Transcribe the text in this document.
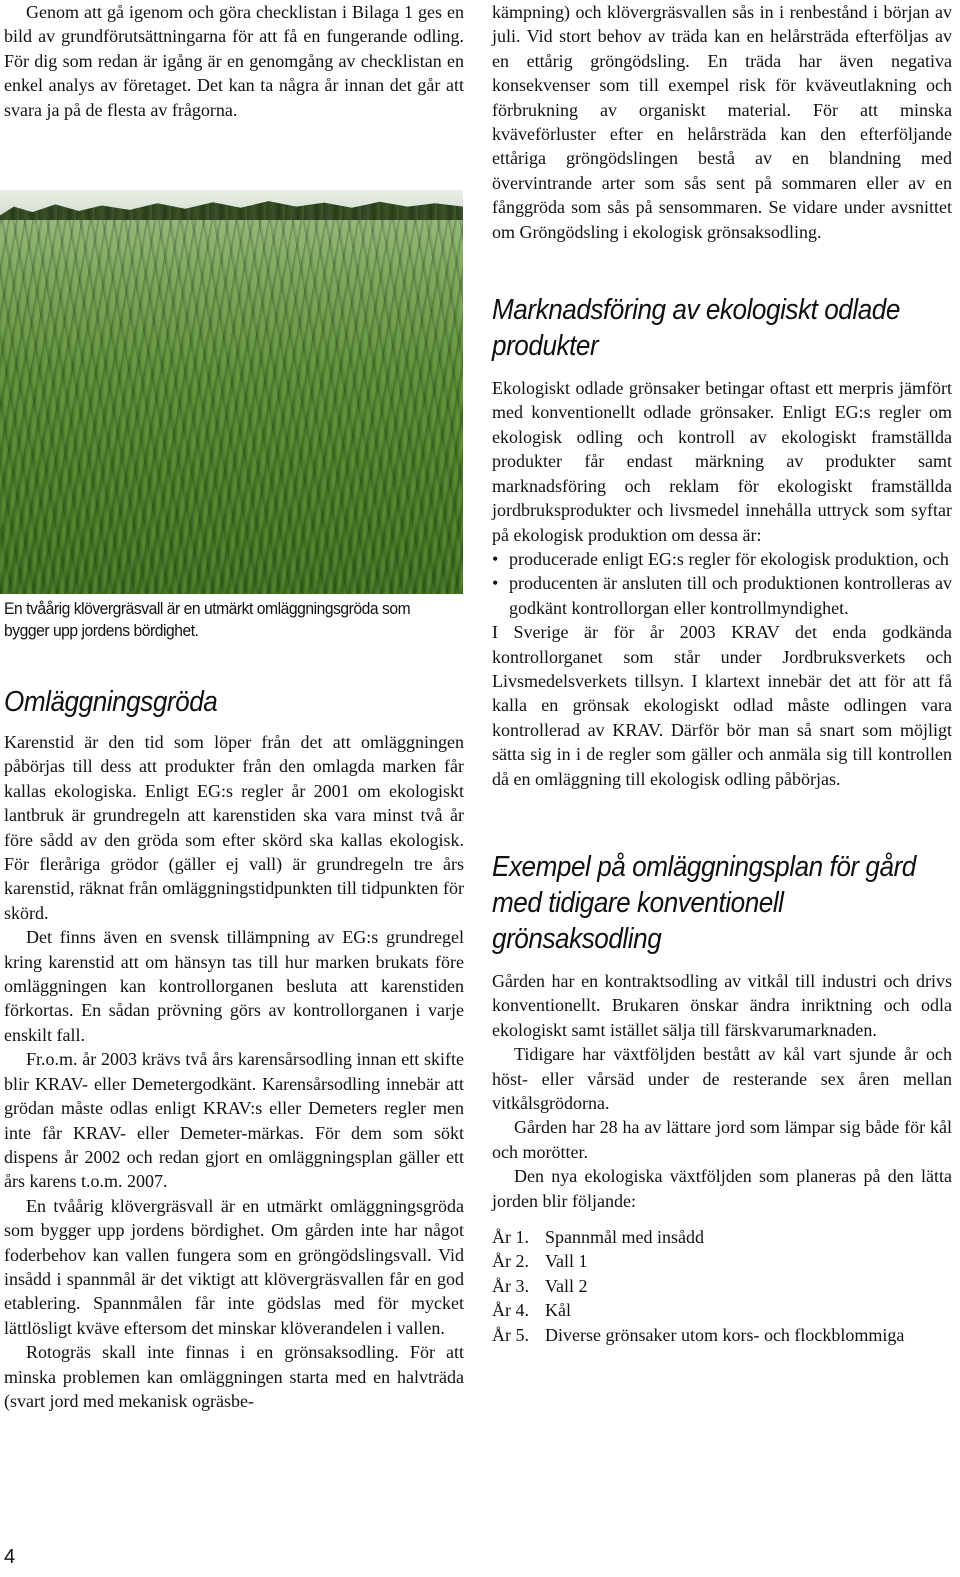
Genom att gå igenom och göra checklistan i Bilaga 1 ges en bild av grundförutsättningarna för att få en fungerande odling. För dig som redan är igång är en genomgång av checklistan en enkel analys av företaget. Det kan ta några år innan det går att svara ja på de flesta av frågorna.

En tvåårig klövergräsvall är en utmärkt omläggningsgröda som bygger upp jordens bördighet.
Omläggningsgröda

Karenstid är den tid som löper från det att omläggningen påbörjas till dess att produkter från den omlagda marken får kallas ekologiska. Enligt EG:s regler år 2001 om ekologiskt lantbruk är grundregeln att karenstiden ska vara minst två år före sådd av den gröda som efter skörd ska kallas ekologisk. För fleråriga grödor (gäller ej vall) är grundregeln tre års karenstid, räknat från omläggningstidpunkten till tidpunkten för skörd.

Det finns även en svensk tillämpning av EG:s grundregel kring karenstid att om hänsyn tas till hur marken brukats före omläggningen kan kontrollorganen besluta att karenstiden förkortas. En sådan prövning görs av kontrollorganen i varje enskilt fall.

Fr.o.m. år 2003 krävs två års karensårsodling innan ett skifte blir KRAV- eller Demetergodkänt. Karensårsodling innebär att grödan måste odlas enligt KRAV:s eller Demeters regler men inte får KRAV- eller Demeter-märkas. För dem som sökt dispens år 2002 och redan gjort en omläggningsplan gäller ett års karens t.o.m. 2007.

En tvåårig klövergräsvall är en utmärkt omläggningsgröda som bygger upp jordens bördighet. Om gården inte har något foderbehov kan vallen fungera som en gröngödslingsvall. Vid insådd i spannmål är det viktigt att klövergräsvallen får en god etablering. Spannmålen får inte gödslas med för mycket lättlösligt kväve eftersom det minskar klöverandelen i vallen.

Rotogräs skall inte finnas i en grönsaksodling. För att minska problemen kan omläggningen starta med en halvträda (svart jord med mekanisk ogräsbe-

kämpning) och klövergräsvallen sås in i renbestånd i början av juli. Vid stort behov av träda kan en helårsträda efterföljas av en ettårig gröngödsling. En träda har även negativa konsekvenser som till exempel risk för kväveutlakning och förbrukning av organiskt material. För att minska kväveförluster efter en helårsträda kan den efterföljande ettåriga gröngödslingen bestå av en blandning med övervintrande arter som sås sent på sommaren eller av en fånggröda som sås på sensommaren. Se vidare under avsnittet om Gröngödsling i ekologisk grönsaksodling.

Marknadsföring av ekologiskt odlade produkter

Ekologiskt odlade grönsaker betingar oftast ett merpris jämfört med konventionellt odlade grönsaker. Enligt EG:s regler om ekologisk odling och kontroll av ekologiskt framställda produkter får endast märkning av produkter samt marknadsföring och reklam för ekologiskt framställda jordbruksprodukter och livsmedel innehålla uttryck som syftar på ekologisk produktion om dessa är:

• producerade enligt EG:s regler för ekologisk produktion, och
• producenten är ansluten till och produktionen kontrolleras av godkänt kontrollorgan eller kontrollmyndighet.

I Sverige är för år 2003 KRAV det enda godkända kontrollorganet som står under Jordbruksverkets och Livsmedelsverkets tillsyn. I klartext innebär det att för att få kalla en grönsak ekologiskt odlad måste odlingen vara kontrollerad av KRAV. Därför bör man så snart som möjligt sätta sig in i de regler som gäller och anmäla sig till kontrollen då en omläggning till ekologisk odling påbörjas.

Exempel på omläggningsplan för gård med tidigare konventionell grönsaksodling

Gården har en kontraktsodling av vitkål till industri och drivs konventionellt. Brukaren önskar ändra inriktning och odla ekologiskt samt istället sälja till färskvarumarknaden.

Tidigare har växtföljden bestått av kål vart sjunde år och höst- eller vårsäd under de resterande sex åren mellan vitkålsgrödorna.

Gården har 28 ha av lättare jord som lämpar sig både för kål och morötter.

Den nya ekologiska växtföljden som planeras på den lätta jorden blir följande:

År 1. Spannmål med insådd
År 2. Vall 1
År 3. Vall 2
År 4. Kål
År 5. Diverse grönsaker utom kors- och flockblommiga
4
